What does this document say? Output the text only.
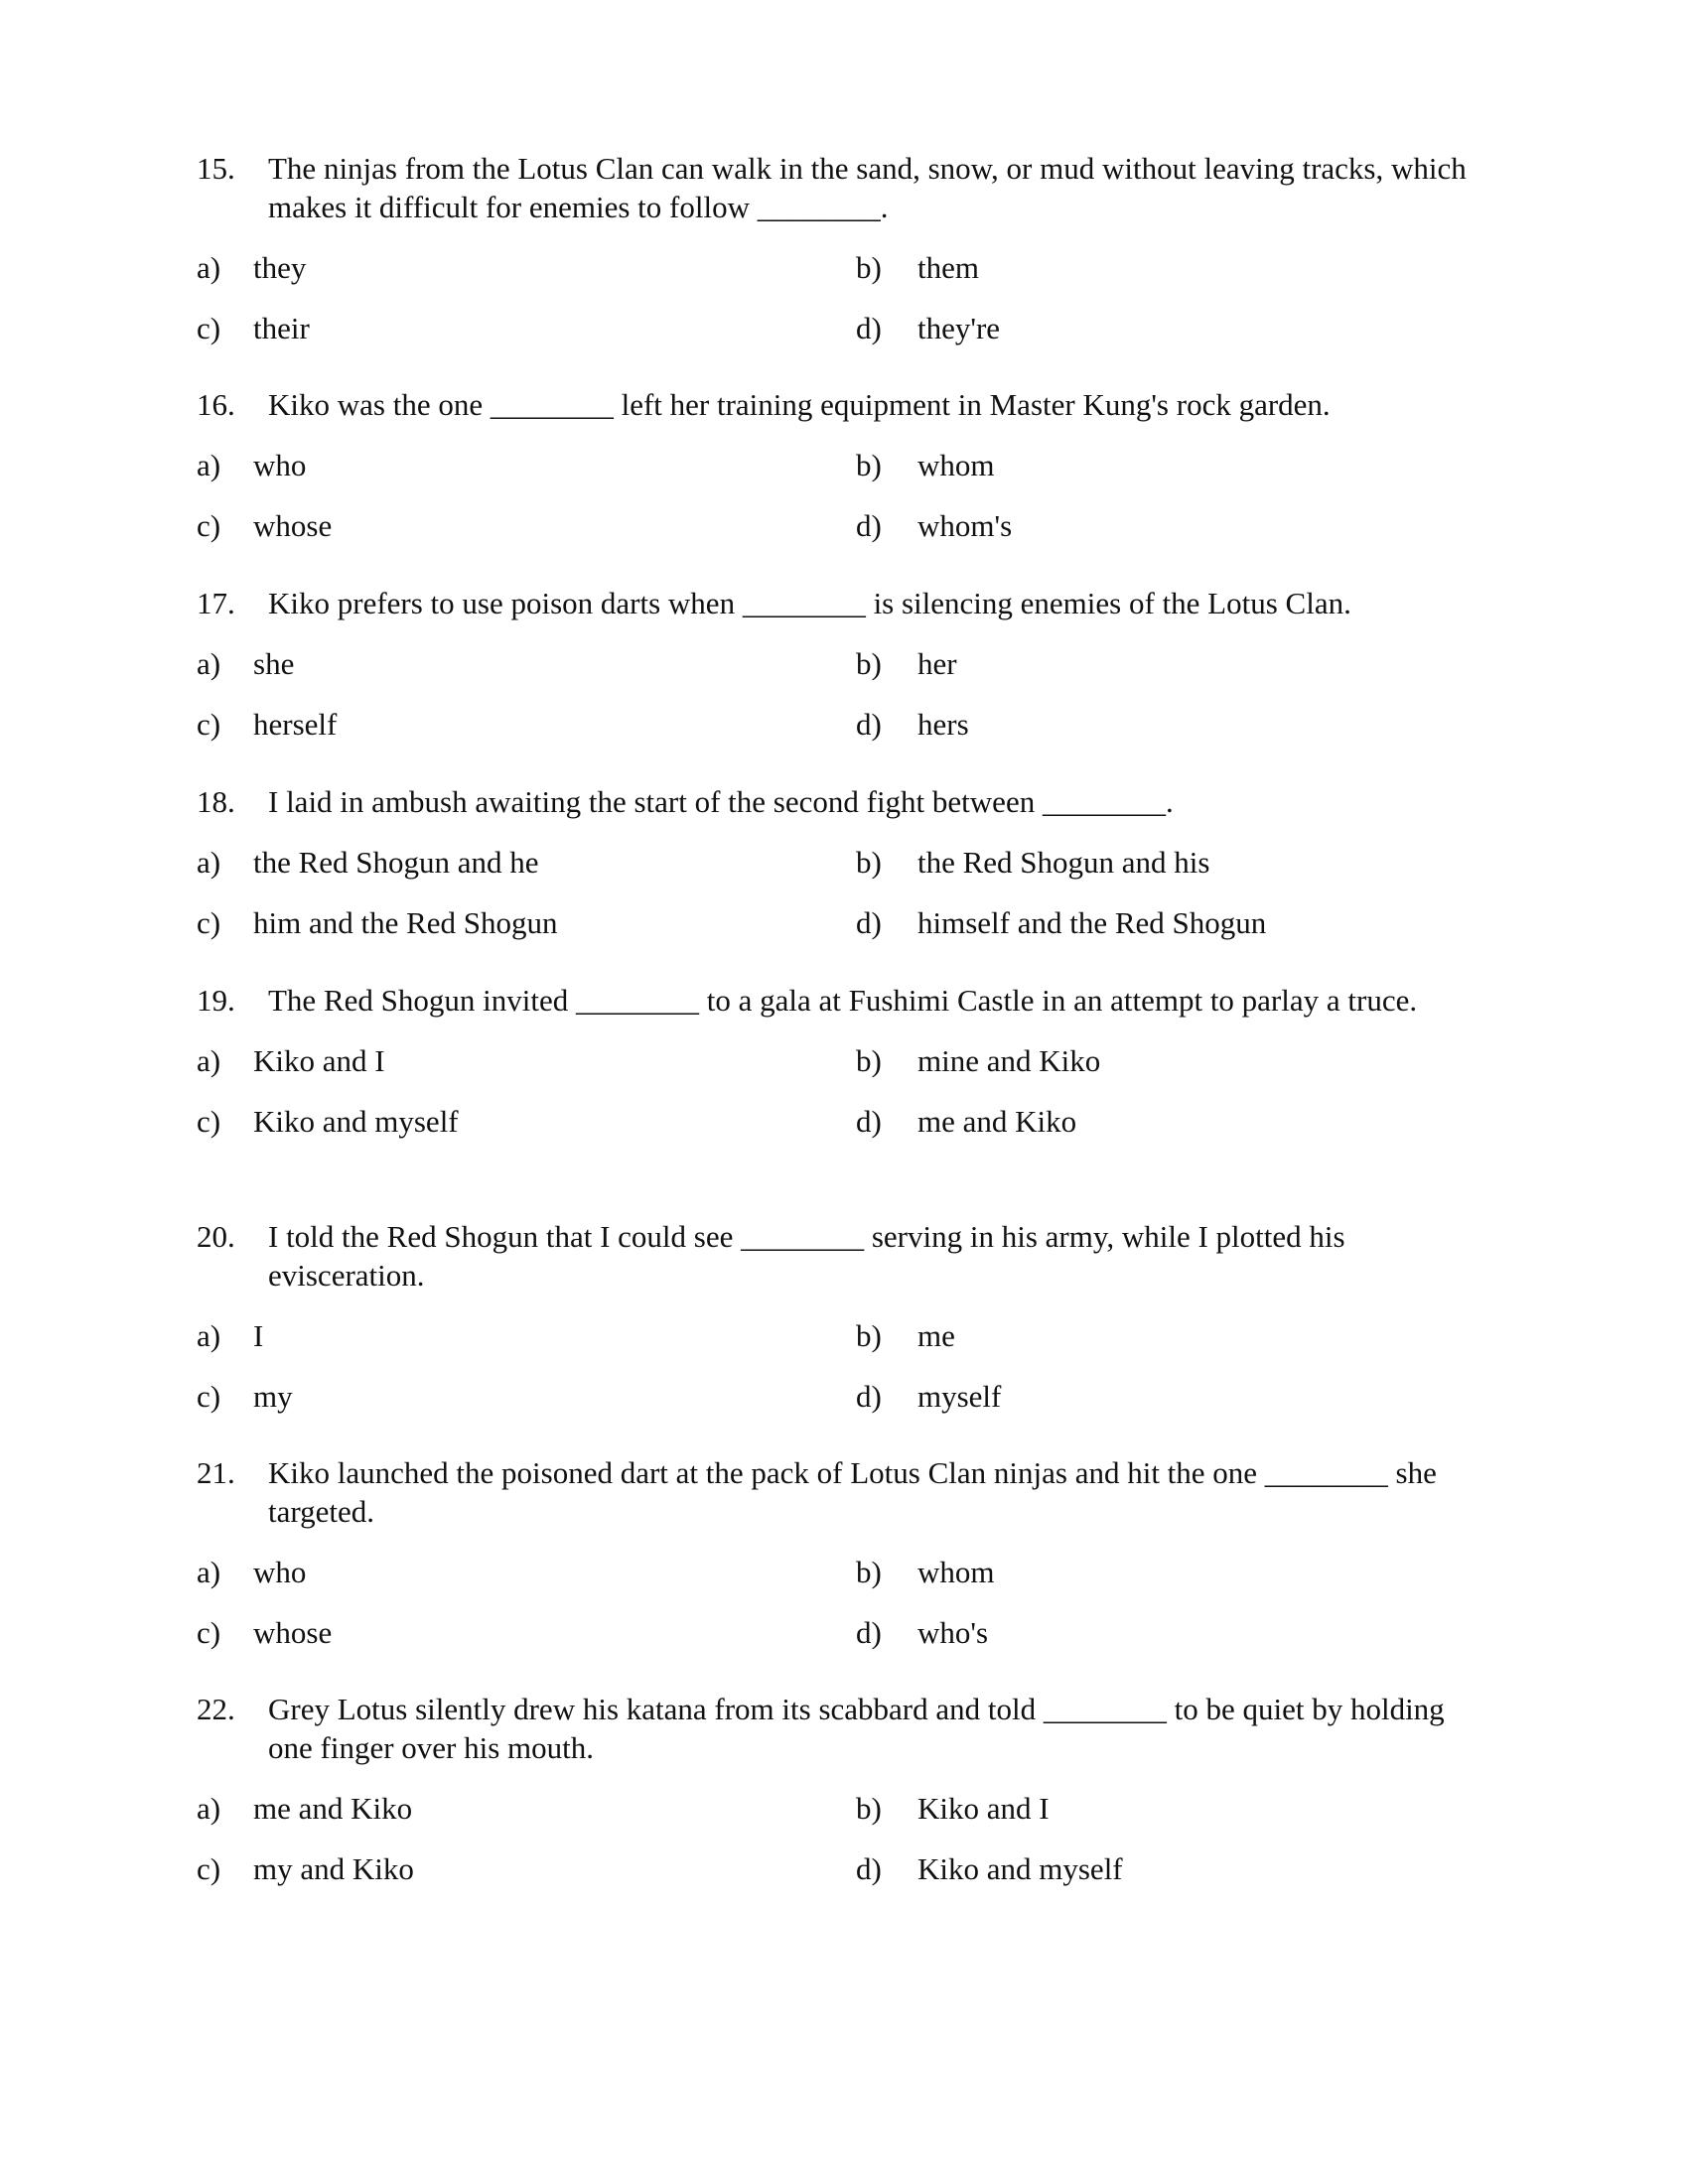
15.	The ninjas from the Lotus Clan can walk in the sand, snow, or mud without leaving tracks, which makes it difficult for enemies to follow ________.
a)	they	b)	them
c)	their	d)	they're
16.	Kiko was the one ________ left her training equipment in Master Kung's rock garden.
a)	who	b)	whom
c)	whose	d)	whom's
17.	Kiko prefers to use poison darts when ________ is silencing enemies of the Lotus Clan.
a)	she	b)	her
c)	herself	d)	hers
18.	I laid in ambush awaiting the start of the second fight between ________.
a)	the Red Shogun and he	b)	the Red Shogun and his
c)	him and the Red Shogun	d)	himself and the Red Shogun
19.	The Red Shogun invited ________ to a gala at Fushimi Castle in an attempt to parlay a truce.
a)	Kiko and I	b)	mine and Kiko
c)	Kiko and myself	d)	me and Kiko
20.	I told the Red Shogun that I could see ________ serving in his army, while I plotted his evisceration.
a)	I	b)	me
c)	my	d)	myself
21.	Kiko launched the poisoned dart at the pack of Lotus Clan ninjas and hit the one ________ she targeted.
a)	who	b)	whom
c)	whose	d)	who's
22.	Grey Lotus silently drew his katana from its scabbard and told ________ to be quiet by holding one finger over his mouth.
a)	me and Kiko	b)	Kiko and I
c)	my and Kiko	d)	Kiko and myself
